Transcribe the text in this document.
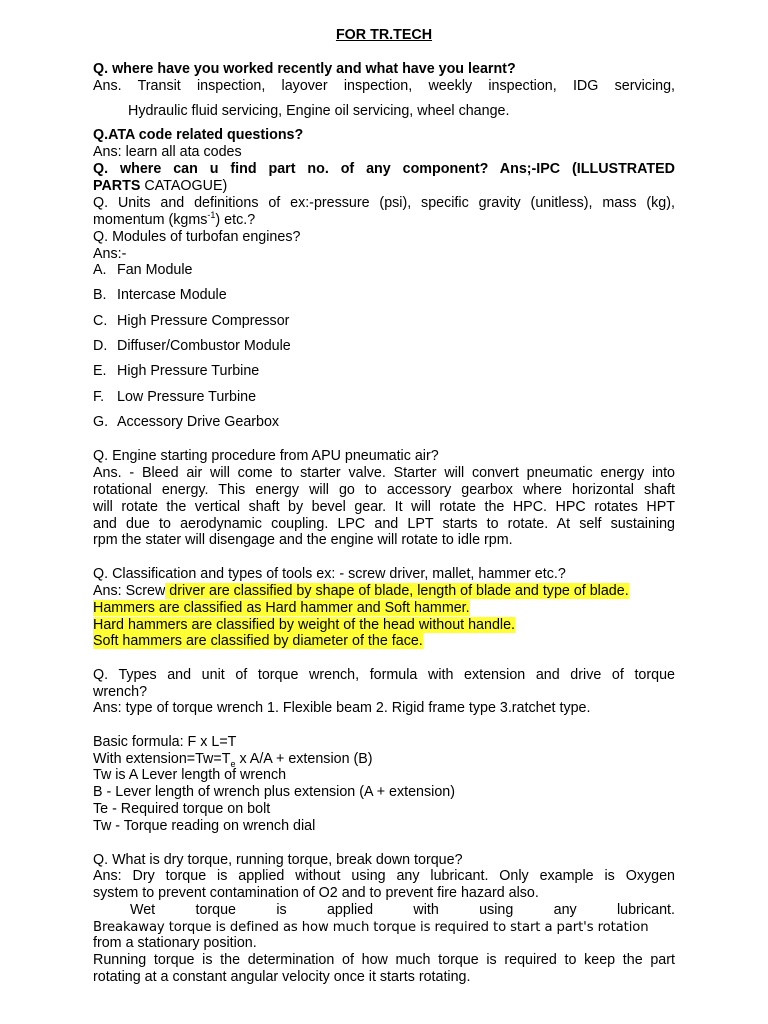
FOR TR.TECH
Q. where have you worked recently and what have you learnt?
Ans. Transit inspection, layover inspection, weekly inspection, IDG servicing,
Hydraulic fluid servicing, Engine oil servicing, wheel change.
Q.ATA code related questions?
Ans: learn all ata codes
Q. where can u find part no. of any component? Ans;-IPC (ILLUSTRATED
PARTS CATAOGUE)
Q. Units and definitions of ex:-pressure (psi), specific gravity (unitless), mass (kg),
momentum (kgms$^{-1}$) etc.?
Q. Modules of turbofan engines?
Ans:-
A. Fan Module
B. Intercase Module
C. High Pressure Compressor
D. Diffuser/Combustor Module
E. High Pressure Turbine
F. Low Pressure Turbine
G. Accessory Drive Gearbox
Q. Engine starting procedure from APU pneumatic air?
Ans. - Bleed air will come to starter valve. Starter will convert pneumatic energy into
rotational energy. This energy will go to accessory gearbox where horizontal shaft
will rotate the vertical shaft by bevel gear. It will rotate the HPC. HPC rotates HPT
and due to aerodynamic coupling. LPC and LPT starts to rotate. At self sustaining
rpm the stater will disengage and the engine will rotate to idle rpm.
Q. Classification and types of tools ex: - screw driver, mallet, hammer etc.?
Ans: Screw driver are classified by shape of blade, length of blade and type of blade.
Hammers are classified as Hard hammer and Soft hammer.
Hard hammers are classified by weight of the head without handle.
Soft hammers are classified by diameter of the face.
Q. Types and unit of torque wrench, formula with extension and drive of torque
wrench?
Ans: type of torque wrench 1. Flexible beam 2. Rigid frame type 3.ratchet type.
Basic formula: F x L=T
With $extension=Tw=T_e$ x A/A + extension (B)
Tw is A Lever length of wrench
B - Lever length of wrench plus extension (A + extension)
Te - Required torque on bolt
Tw - Torque reading on wrench dial
Q. What is dry torque, running torque, break down torque?
Ans: Dry torque is applied without using any lubricant. Only example is Oxygen
system to prevent contamination of O2 and to prevent fire hazard also.
Wet torque is applied with using any lubricant.
Breakaway torque is defined as how much torque is required to start a part's rotation
from a stationary position.
Running torque is the determination of how much torque is required to keep the part
rotating at a constant angular velocity once it starts rotating.
